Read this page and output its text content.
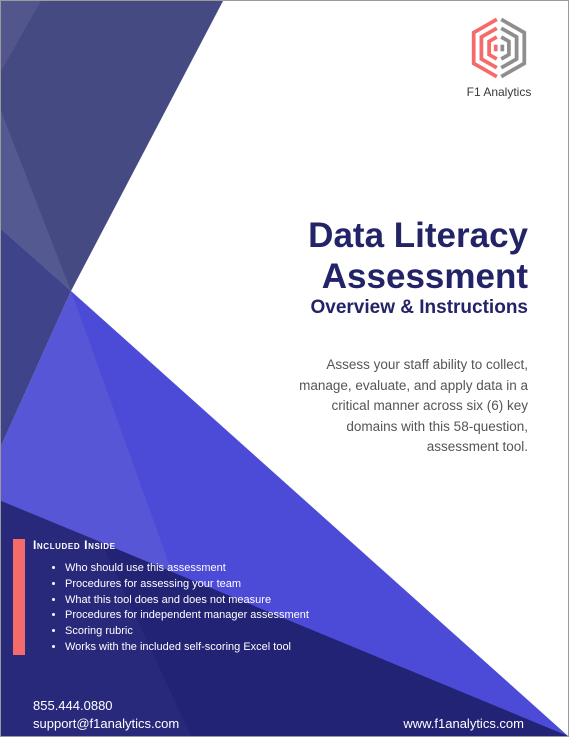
F1 Analytics
Data Literacy
Assessment
Overview & Instructions
Assess your staff ability to collect, manage, evaluate, and apply data in a critical manner across six (6) key domains with this 58-question, assessment tool.
Included Inside
• Who should use this assessment
• Procedures for assessing your team
• What this tool does and does not measure
• Procedures for independent manager assessment
• Scoring rubric
• Works with the included self-scoring Excel tool
855.444.0880
support@f1analytics.com	www.f1analytics.com
